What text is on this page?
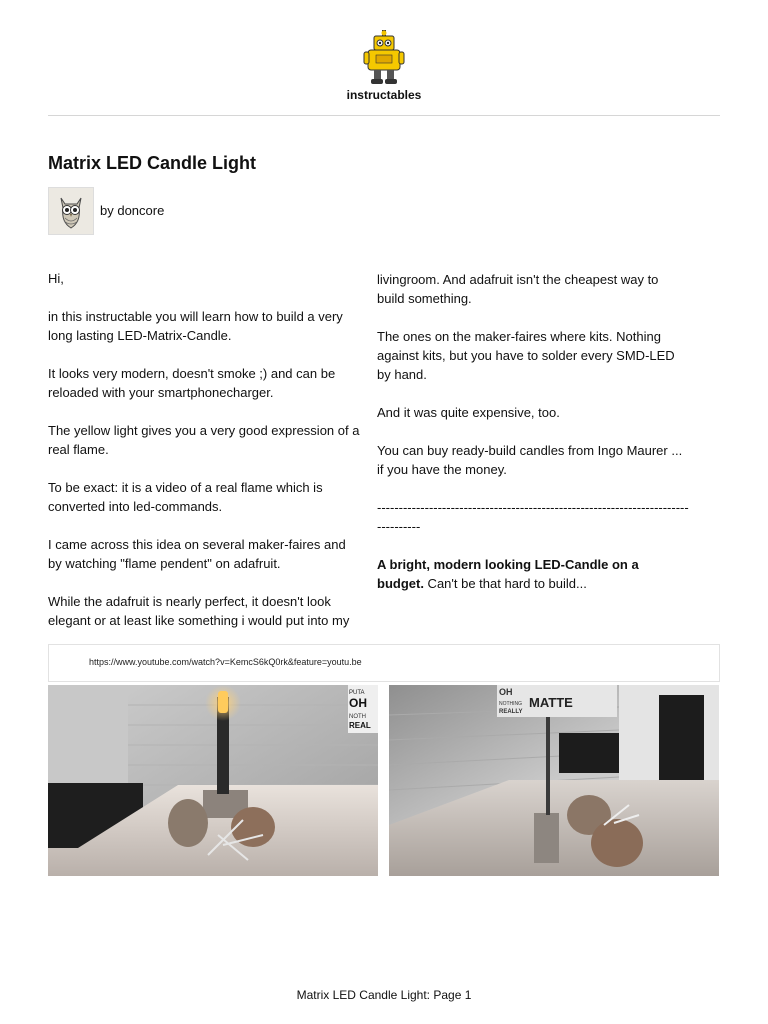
instructables
Matrix LED Candle Light
by doncore

Hi,

in this instructable you will learn how to build a very long lasting LED-Matrix-Candle.

It looks very modern, doesn't smoke ;) and can be reloaded with your smartphonecharger.

The yellow light gives you a very good expression of a real flame.

To be exact: it is a video of a real flame which is converted into led-commands.

I came across this idea on several maker-faires and by watching "flame pendent" on adafruit.

While the adafruit is nearly perfect, it doesn't look elegant or at least like something i would put into my

livingroom. And adafruit isn't the cheapest way to build something.

The ones on the maker-faires where kits. Nothing against kits, but you have to solder every SMD-LED by hand.

And it was quite expensive, too.

You can buy ready-build candles from Ingo Maurer ... if you have the money.

----------------------------------------------------------------------------------

A bright, modern looking LED-Candle on a budget. Can't be that hard to build...

https://www.youtube.com/watch?v=KemcS6kQ0rk&feature=youtu.be
PUTA
OH
NOTH
REAL
OH
MATTE
NOTHING
REALLY
Matrix LED Candle Light: Page 1
